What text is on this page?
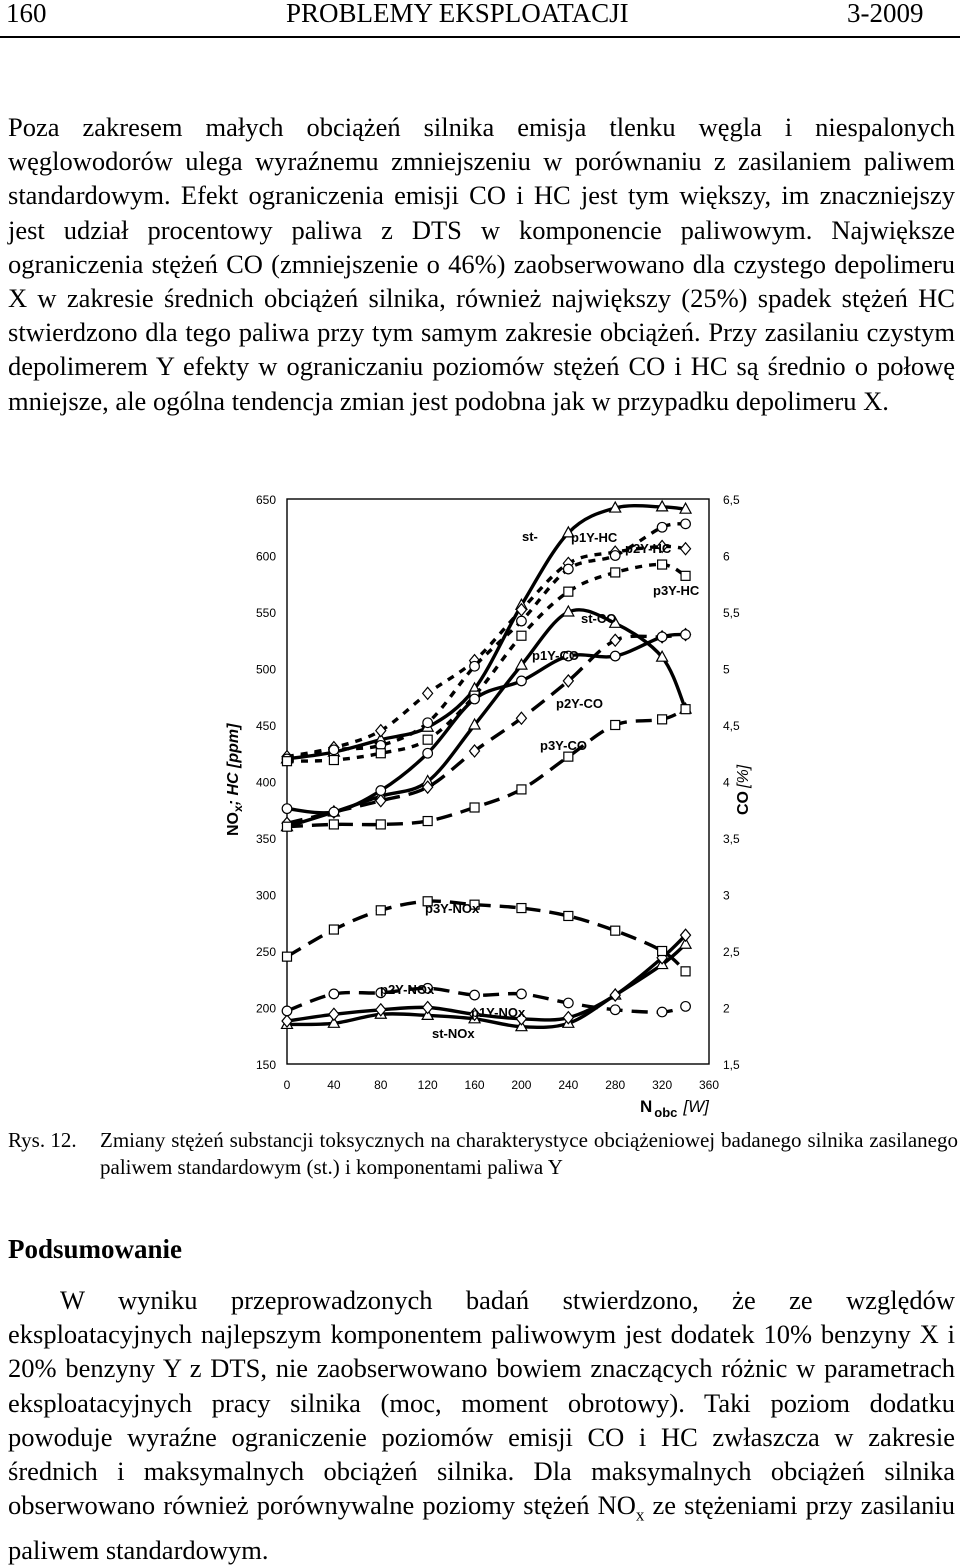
160	PROBLEMY EKSPLOATACJI	3-2009

Poza zakresem małych obciążeń silnika emisja tlenku węgla i niespalonych węglowodorów ulega wyraźnemu zmniejszeniu w porównaniu z zasilaniem paliwem standardowym. Efekt ograniczenia emisji CO i HC jest tym większy, im znaczniejszy jest udział procentowy paliwa z DTS w komponencie paliwowym. Największe ograniczenia stężeń CO (zmniejszenie o 46%) zaobserwowano dla czystego depolimeru X w zakresie średnich obciążeń silnika, również największy (25%) spadek stężeń HC stwierdzono dla tego paliwa przy tym samym zakresie obciążeń. Przy zasilaniu czystym depolimerem Y efekty w ograniczaniu poziomów stężeń CO i HC są średnio o połowę mniejsze, ale ogólna tendencja zmian jest podobna jak w przypadku depolimeru X.

650
600
550
500
450
400
350
300
250
200
150
6,5
6
5,5
5
4,5
4
3,5
3
2,5
2
1,5
0	40	80	120 160 200 240 280 320 360
st-	p1Y-HC
p2Y-HC
p3Y-HC
st-CO
p1Y-CO
p2Y-CO
p3Y-CO
p3Y-NOx
p2Y-NOx
p1Y-NOx
st-NOx
$NO_x$; HC [ppm]	CO[%]
N $_{obc}$ [W]
Rys. 12. Zmiany stężeń substancji toksycznych na charakterystyce obciążeniowej badanego silnika zasilanego paliwem standardowym (st.) i komponentami paliwa Y
Podsumowanie

W wyniku przeprowadzonych badań stwierdzono, że ze względów eksploatacyjnych najlepszym komponentem paliwowym jest dodatek 10% benzyny X i 20% benzyny Y z DTS, nie zaobserwowano bowiem znaczących różnic w parametrach eksploatacyjnych pracy silnika (moc, moment obrotowy). Taki poziom dodatku powoduje wyraźne ograniczenie poziomów emisji CO i HC zwłaszcza w zakresie średnich i maksymalnych obciążeń silnika. Dla maksymalnych obciążeń silnika obserwowano również porównywalne poziomy stężeń $NO_x$ ze stężeniami przy zasilaniu paliwem standardowym.
